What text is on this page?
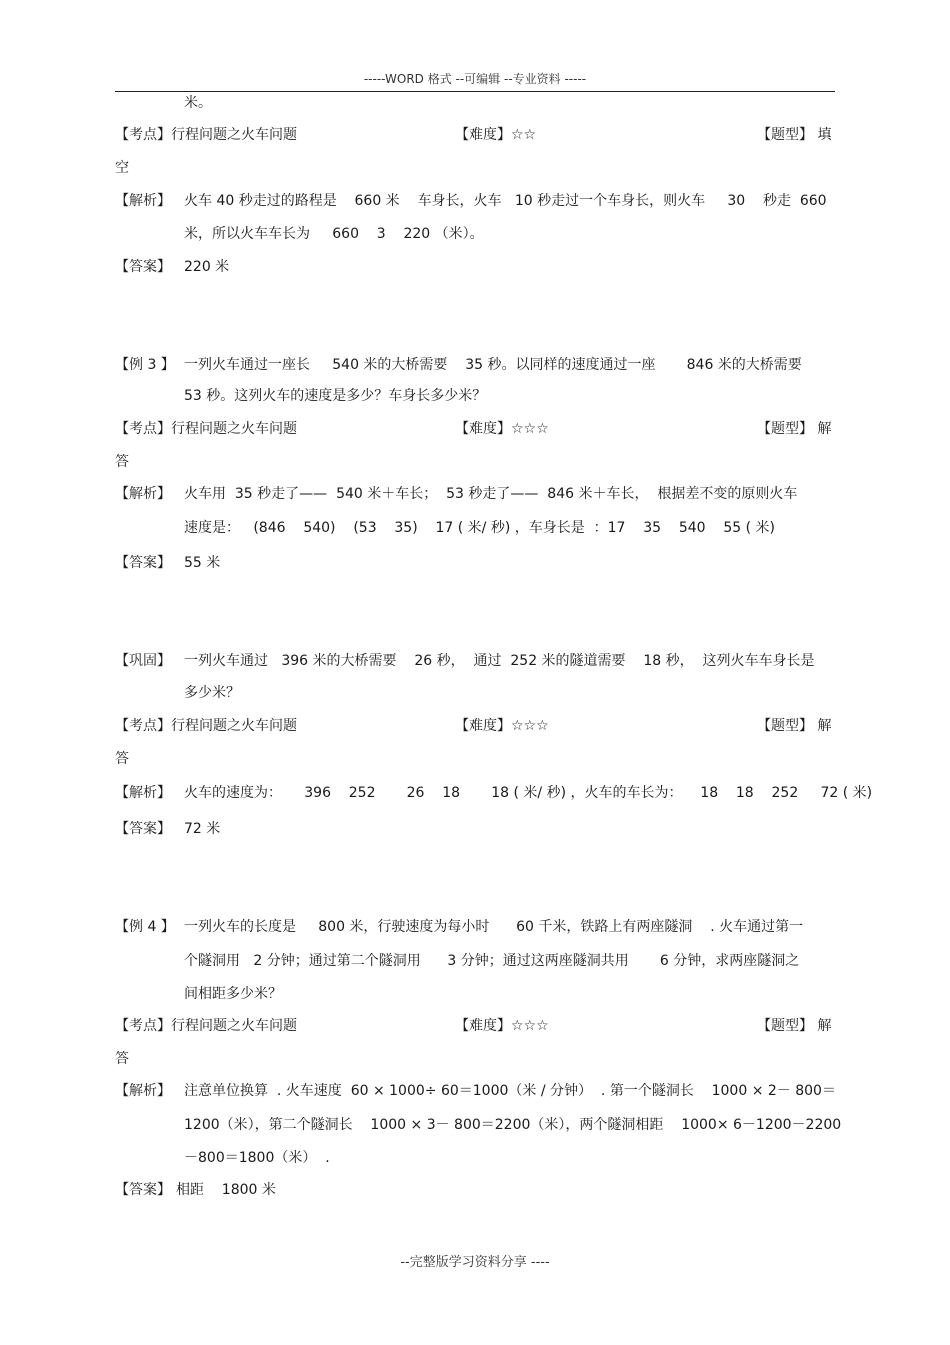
-----WORD 格式 --可编辑 --专业资料 -----
米。
【考点】行程问题之火车问题	【难度】☆☆	【题型】 填
空
【解析】 火车 40 秒走过的路程是    660 米    车身长，火车   10 秒走过一个车身长，则火车     30    秒走  660
米，所以火车车长为     660    3    220 （米）。
【答案】 220 米
【例 3 】 一列火车通过一座长     540 米的大桥需要    35 秒。以同样的速度通过一座       846 米的大桥需要
53 秒。这列火车的速度是多少？车身长多少米？
【考点】行程问题之火车问题	【难度】☆☆☆	【题型】 解
答
【解析】 火车用  35 秒走了——  540 米＋车长；  53 秒走了——  846 米＋车长，  根据差不变的原则火车
速度是：   (846    540)    (53    35)    17 ( 米/ 秒) ，车身长是  ：17    35    540    55 ( 米)
【答案】 55 米
【巩固】 一列火车通过   396 米的大桥需要    26 秒，  通过  252 米的隧道需要    18 秒，  这列火车车身长是
多少米？
【考点】行程问题之火车问题	【难度】☆☆☆	【题型】 解
答
【解析】 火车的速度为：     396    252       26    18       18 ( 米/ 秒) ，火车的车长为：    18    18    252     72 ( 米)
【答案】 72 米
【例 4 】 一列火车的长度是     800 米，行驶速度为每小时      60 千米，铁路上有两座隧洞    . 火车通过第一
个隧洞用   2 分钟；通过第二个隧洞用      3 分钟；通过这两座隧洞共用       6 分钟，求两座隧洞之
间相距多少米？
【考点】行程问题之火车问题	【难度】☆☆☆	【题型】 解
答
【解析】 注意单位换算  . 火车速度  60 × 1000÷ 60＝1000（米 / 分钟）  . 第一个隧洞长    1000 × 2－ 800＝
1200（米），第二个隧洞长    1000 × 3－ 800＝2200（米），两个隧洞相距    1000× 6－1200－2200
－800＝1800（米）  .
【答案】 相距    1800 米
--完整版学习资料分享 ----
